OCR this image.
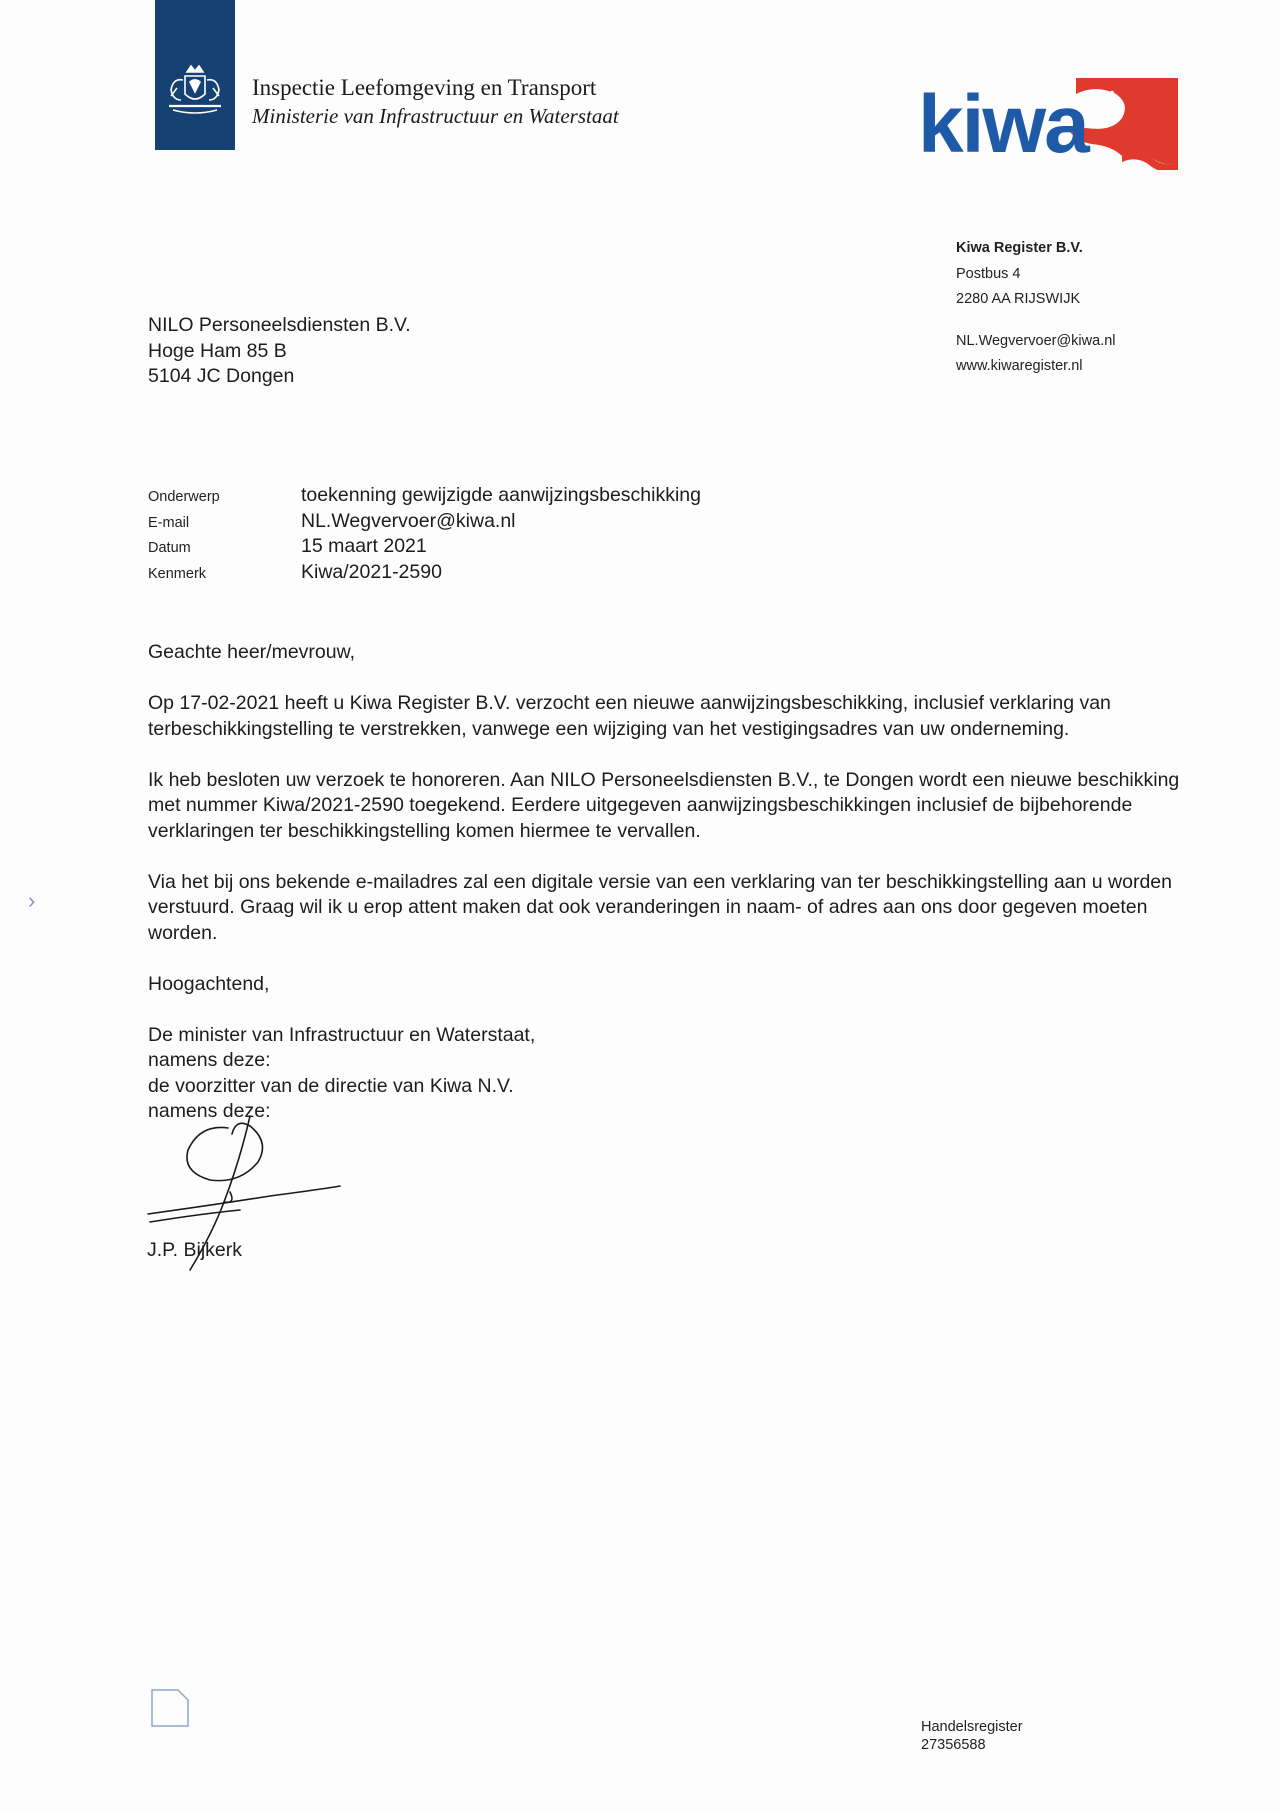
Inspectie Leefomgeving en Transport
Ministerie van Infrastructuur en Waterstaat	kiwa
Kiwa Register B.V.
Postbus 4
2280 AA RIJSWIJK
NL.Wegvervoer@kiwa.nl
www.kiwaregister.nl
NILO Personeelsdiensten B.V.
Hoge Ham 85 B
5104 JC Dongen
Onderwerp	toekenning gewijzigde aanwijzingsbeschikking
E-mail	NL.Wegvervoer@kiwa.nl
Datum	15 maart 2021
Kenmerk	Kiwa/2021-2590

Geachte heer/mevrouw,

Op 17-02-2021 heeft u Kiwa Register B.V. verzocht een nieuwe aanwijzingsbeschikking, inclusief verklaring van terbeschikkingstelling te verstrekken, vanwege een wijziging van het vestigingsadres van uw onderneming.

Ik heb besloten uw verzoek te honoreren. Aan NILO Personeelsdiensten B.V., te Dongen wordt een nieuwe beschikking met nummer Kiwa/2021-2590 toegekend. Eerdere uitgegeven aanwijzingsbeschikkingen inclusief de bijbehorende verklaringen ter beschikkingstelling komen hiermee te vervallen.

Via het bij ons bekende e-mailadres zal een digitale versie van een verklaring van ter beschikkingstelling aan u worden verstuurd. Graag wil ik u erop attent maken dat ook veranderingen in naam- of adres aan ons door gegeven moeten worden.

Hoogachtend,

De minister van Infrastructuur en Waterstaat,

namens deze:

de voorzitter van de directie van Kiwa N.V.

namens deze:

J.P. Bijkerk
›
Handelsregister
27356588
